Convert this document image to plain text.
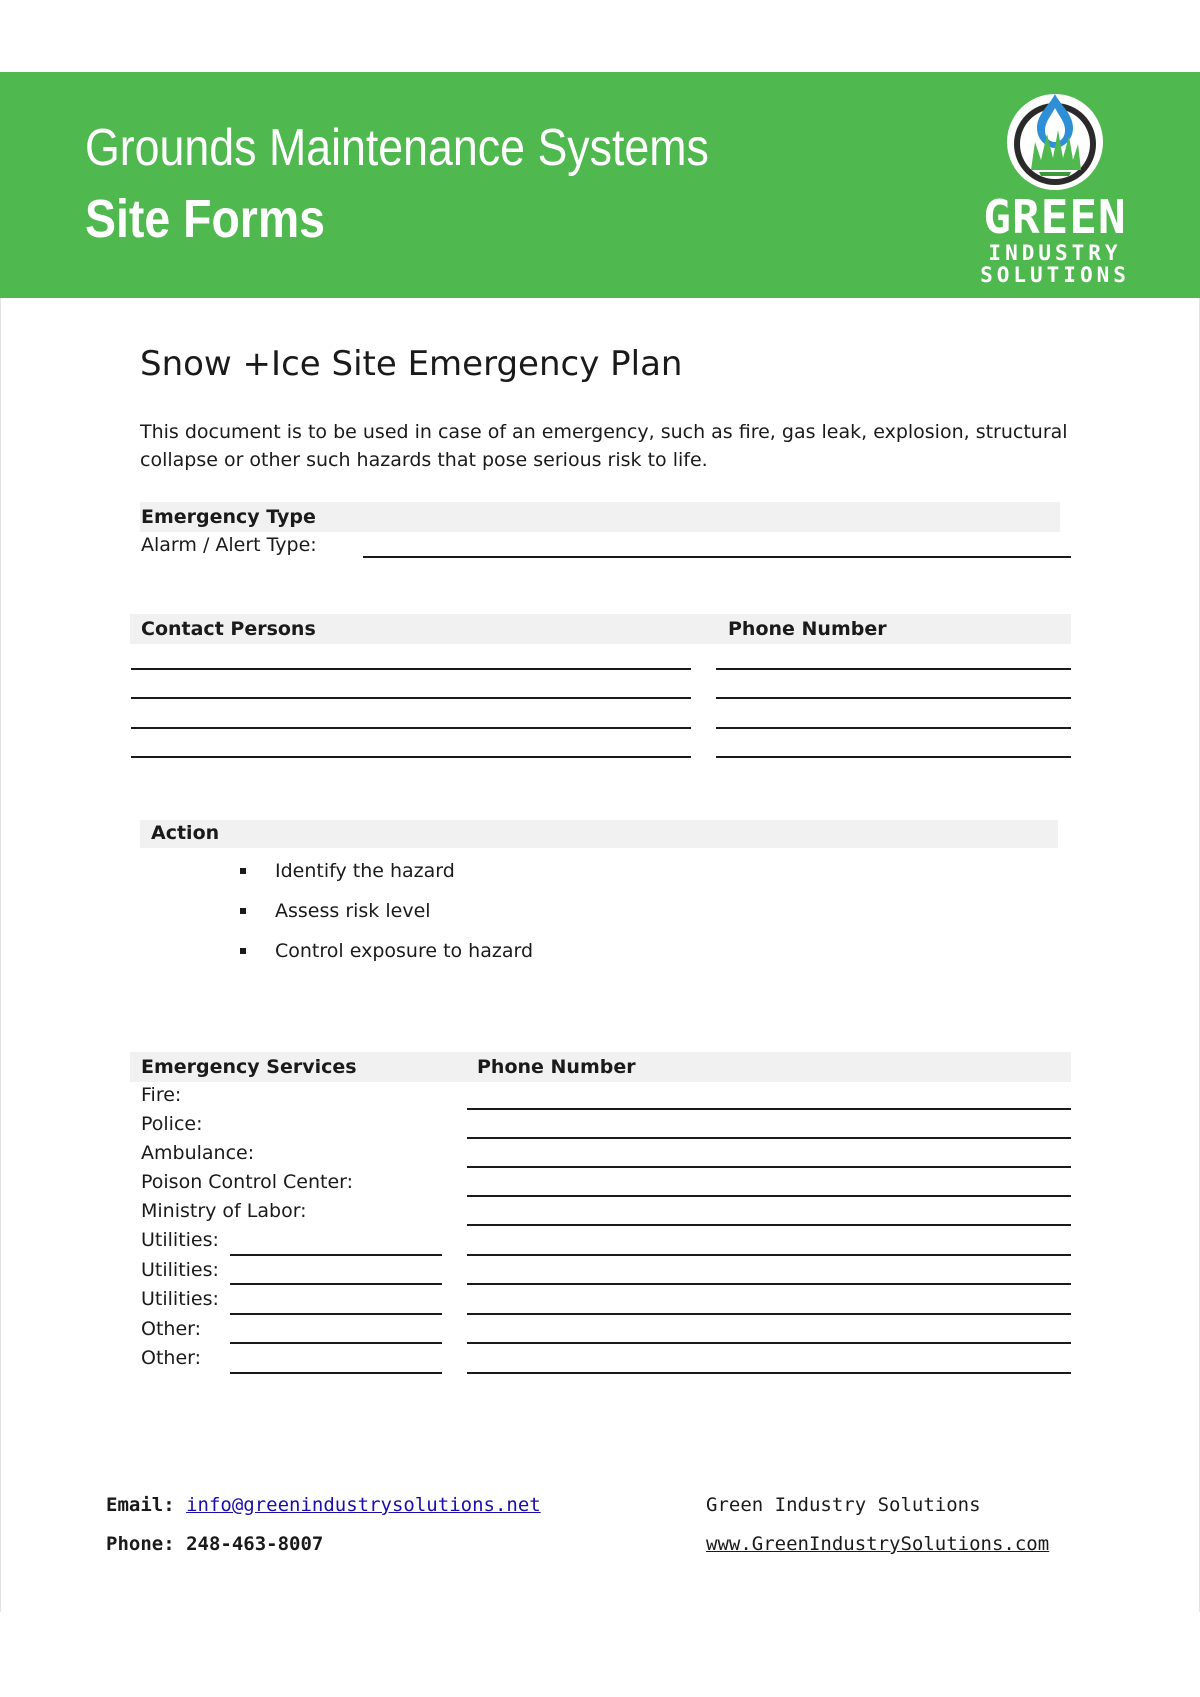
Grounds Maintenance Systems
Site Forms	GREEN
INDUSTRY
SOLUTIONS
Snow +Ice Site Emergency Plan

This document is to be used in case of an emergency, such as fire, gas leak, explosion, structural collapse or other such hazards that pose serious risk to life.

Emergency Type
Alarm / Alert Type:
Contact Persons	Phone Number
Action
Identify the hazard
Assess risk level
Control exposure to hazard
Emergency Services	Phone Number
Fire:
Police:
Ambulance:
Poison Control Center:
Ministry of Labor:
Utilities:
Utilities:
Utilities:
Other:
Other:
Email: info@greenindustrysolutions.net
Phone: 248-463-8007
Green Industry Solutions
www.GreenIndustrySolutions.com
